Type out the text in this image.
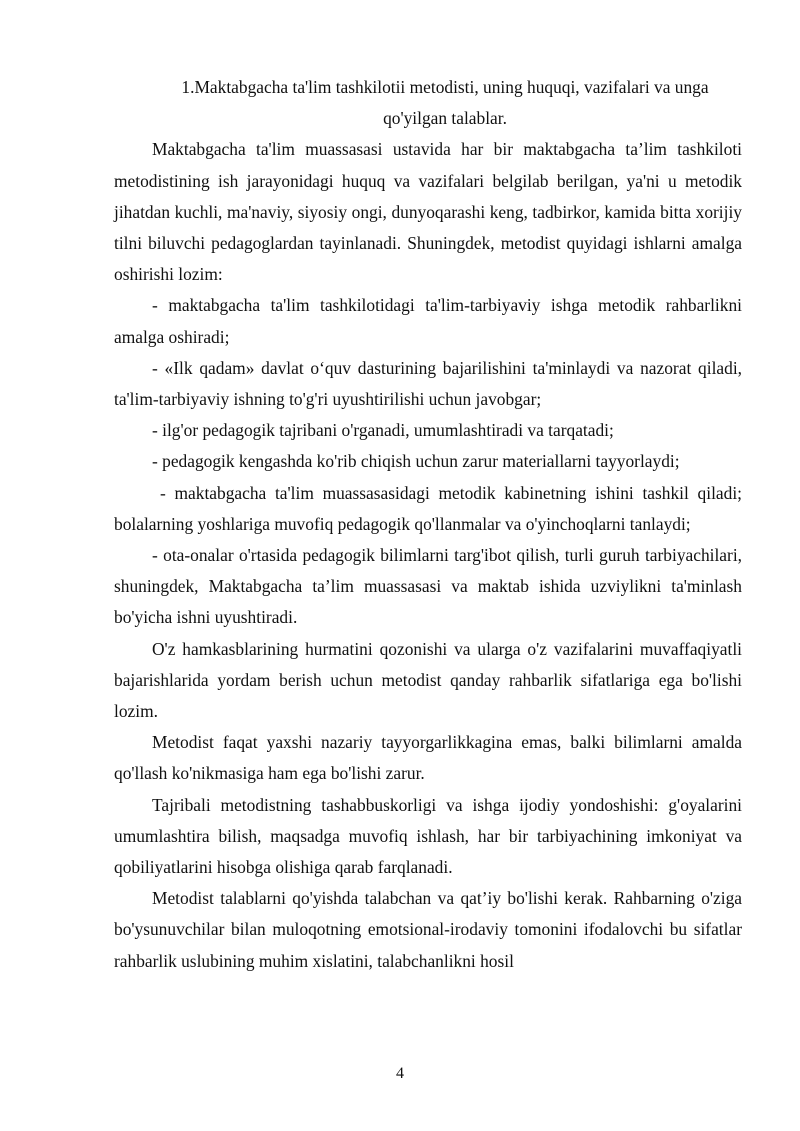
1.Maktabgacha ta'lim tashkilotii metodisti, uning huquqi, vazifalari va unga qo'yilgan talablar.

Maktabgacha ta'lim muassasasi ustavida har bir maktabgacha ta’lim tashkiloti metodistining ish jarayonidagi huquq va vazifalari belgilab berilgan, ya'ni u metodik jihatdan kuchli, ma'naviy, siyosiy ongi, dunyoqarashi keng, tadbirkor, kamida bitta xorijiy tilni biluvchi pedagoglardan tayinlanadi. Shuningdek, metodist quyidagi ishlarni amalga oshirishi lozim:

- maktabgacha ta'lim tashkilotidagi ta'lim-tarbiyaviy ishga metodik rahbarlikni amalga oshiradi;

- «Ilk qadam» davlat o‘quv dasturining bajarilishini ta'minlaydi va nazorat qiladi, ta'lim-tarbiyaviy ishning to'g'ri uyushtirilishi uchun javobgar;

- ilg'or pedagogik tajribani o'rganadi, umumlashtiradi va tarqatadi;

- pedagogik kengashda ko'rib chiqish uchun zarur materiallarni tayyorlaydi;

- maktabgacha ta'lim muassasasidagi metodik kabinetning ishini tashkil qiladi; bolalarning yoshlariga muvofiq pedagogik qo'llanmalar va o'yinchoqlarni tanlaydi;

- ota-onalar o'rtasida pedagogik bilimlarni targ'ibot qilish, turli guruh tarbiyachilari, shuningdek, Maktabgacha ta’lim muassasasi va maktab ishida uzviylikni ta'minlash bo'yicha ishni uyushtiradi.

O'z hamkasblarining hurmatini qozonishi va ularga o'z vazifalarini muvaffaqiyatli bajarishlarida yordam berish uchun metodist qanday rahbarlik sifatlariga ega bo'lishi lozim.

Metodist faqat yaxshi nazariy tayyorgarlikkagina emas, balki bilimlarni amalda qo'llash ko'nikmasiga ham ega bo'lishi zarur.

Tajribali metodistning tashabbuskorligi va ishga ijodiy yondoshishi: g'oyalarini umumlashtira bilish, maqsadga muvofiq ishlash, har bir tarbiyachining imkoniyat va qobiliyatlarini hisobga olishiga qarab farqlanadi.

Metodist talablarni qo'yishda talabchan va qat’iy bo'lishi kerak. Rahbarning o'ziga bo'ysunuvchilar bilan muloqotning emotsional-irodaviy tomonini ifodalovchi bu sifatlar rahbarlik uslubining muhim xislatini, talabchanlikni hosil

4
